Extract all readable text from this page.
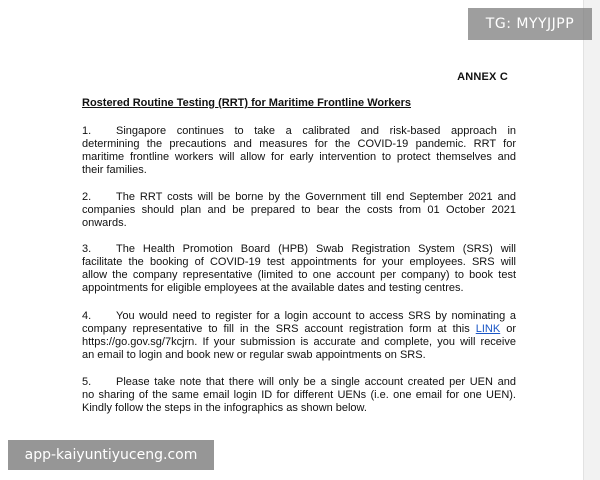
ANNEX C
Rostered Routine Testing (RRT) for Maritime Frontline Workers
1. Singapore continues to take a calibrated and risk-based approach in
determining the precautions and measures for the COVID-19 pandemic. RRT for
maritime frontline workers will allow for early intervention to protect themselves and
their families.
2. The RRT costs will be borne by the Government till end September 2021 and
companies should plan and be prepared to bear the costs from 01 October 2021
onwards.
3. The Health Promotion Board (HPB) Swab Registration System (SRS) will
facilitate the booking of COVID-19 test appointments for your employees. SRS will
allow the company representative (limited to one account per company) to book test
appointments for eligible employees at the available dates and testing centres.
4. You would need to register for a login account to access SRS by nominating a
company representative to fill in the SRS account registration form at this LINK or
https://go.gov.sg/7kcjrn. If your submission is accurate and complete, you will receive
an email to login and book new or regular swab appointments on SRS.
5. Please take note that there will only be a single account created per UEN and
no sharing of the same email login ID for different UENs (i.e. one email for one UEN).
Kindly follow the steps in the infographics as shown below.
TG: MYYJJPP
app-kaiyuntiyuceng.com
